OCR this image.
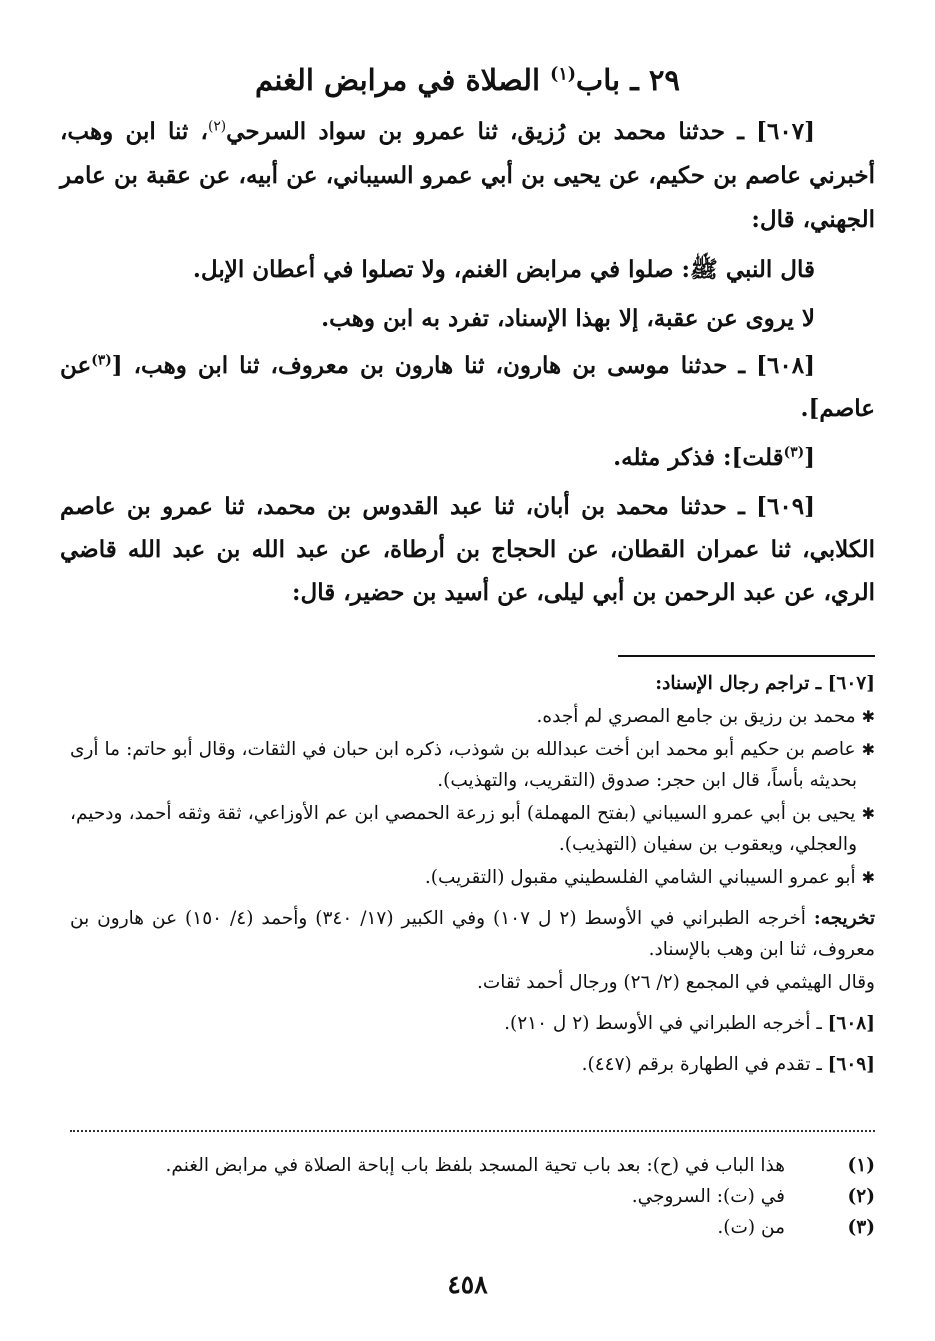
٢٩ ـ باب$^{(١)}$ الصلاة في مرابض الغنم

[٦٠٧] ـ حدثنا محمد بن رُزيق، ثنا عمرو بن سواد السرحي$^{(٢)}$، ثنا ابن وهب، أخبرني عاصم بن حكيم، عن يحيى بن أبي عمرو السيباني، عن أبيه، عن عقبة بن عامر الجهني، قال:

قال النبي ﷺ: صلوا في مرابض الغنم، ولا تصلوا في أعطان الإبل.

لا يروى عن عقبة، إلا بهذا الإسناد، تفرد به ابن وهب.

[٦٠٨] ـ حدثنا موسى بن هارون، ثنا هارون بن معروف، ثنا ابن وهب، [$^{(٣)}$عن عاصم].

[$^{(٣)}$قلت]: فذكر مثله.

[٦٠٩] ـ حدثنا محمد بن أبان، ثنا عبد القدوس بن محمد، ثنا عمرو بن عاصم الكلابي، ثنا عمران القطان، عن الحجاج بن أرطاة، عن عبد الله بن عبد الله قاضي الري، عن عبد الرحمن بن أبي ليلى، عن أسيد بن حضير، قال:

[٦٠٧] ـ تراجم رجال الإسناد:

✱ محمد بن رزيق بن جامع المصري لم أجده.

✱ عاصم بن حكيم أبو محمد ابن أخت عبدالله بن شوذب، ذكره ابن حبان في الثقات، وقال أبو حاتم: ما أرى بحديثه بأساً، قال ابن حجر: صدوق (التقريب، والتهذيب).

✱ يحيى بن أبي عمرو السيباني (بفتح المهملة) أبو زرعة الحمصي ابن عم الأوزاعي، ثقة وثقه أحمد، ودحيم، والعجلي، ويعقوب بن سفيان (التهذيب).

✱ أبو عمرو السيباني الشامي الفلسطيني مقبول (التقريب).

تخريجه: أخرجه الطبراني في الأوسط (٢ ل ١٠٧) وفي الكبير (١٧/ ٣٤٠) وأحمد (٤/ ١٥٠) عن هارون بن معروف، ثنا ابن وهب بالإسناد.

وقال الهيثمي في المجمع (٢/ ٢٦) ورجال أحمد ثقات.

[٦٠٨] ـ أخرجه الطبراني في الأوسط (٢ ل ٢١٠).

[٦٠٩] ـ تقدم في الطهارة برقم (٤٤٧).

(١)
هذا الباب في (ح): بعد باب تحية المسجد بلفظ باب إباحة الصلاة في مرابض الغنم.
(٢)
في (ت): السروجي.
(٣)
من (ت).
٤٥٨
